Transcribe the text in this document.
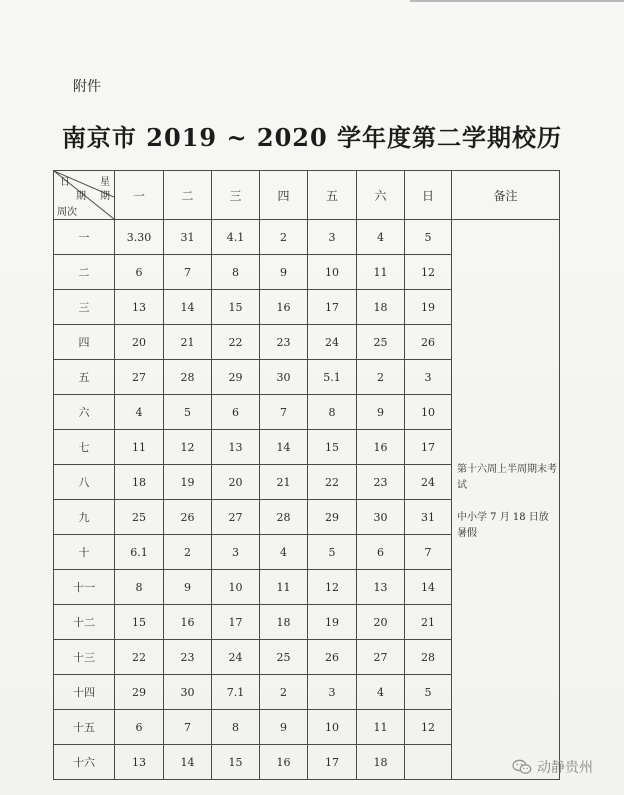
附件
南京市 2019 ~ 2020 学年度第二学期校历
日 星
期 期
周次	一	二	三	四	五	六	日	备注
一	3.30	31	4.1	2	3	4	5	
二	6	7	8	9	10	11	12	
三	13	14	15	16	17	18	19	
四	20	21	22	23	24	25	26	
五	27	28	29	30	5.1	2	3	
六	4	5	6	7	8	9	10	
七	11	12	13	14	15	16	17	
八	18	19	20	21	22	23	24	
九	25	26	27	28	29	30	31	
十	6.1	2	3	4	5	6	7	
十一	8	9	10	11	12	13	14	
十二	15	16	17	18	19	20	21	
十三	22	23	24	25	26	27	28	
十四	29	30	7.1	2	3	4	5	
十五	6	7	8	9	10	11	12	
十六	13	14	15	16	17	18		
第十六周上半周期末考试
中小学 7 月 18 日放暑假
动静贵州
